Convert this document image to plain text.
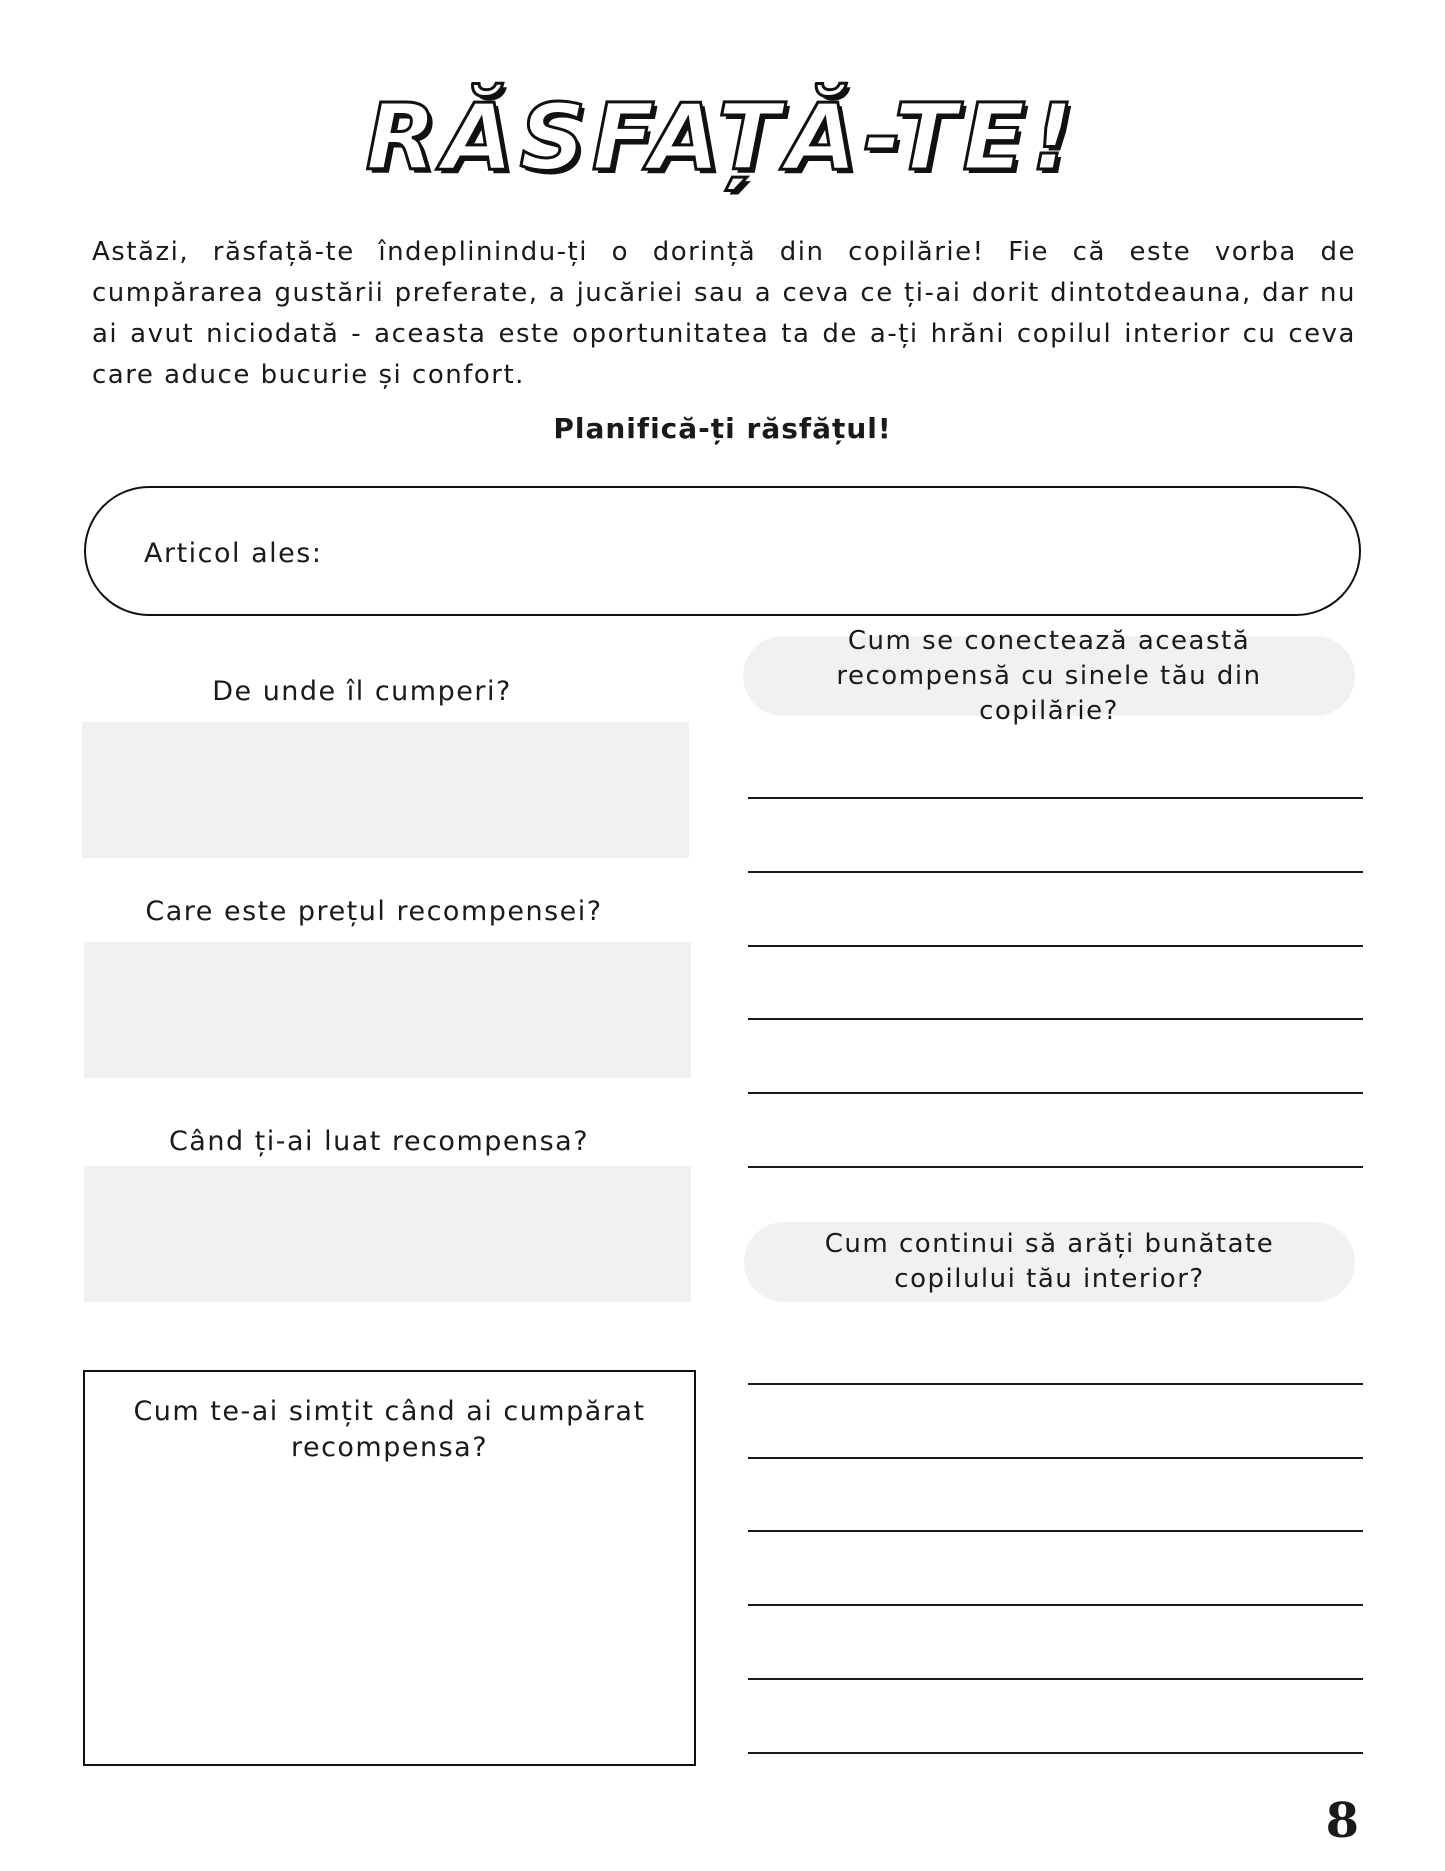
RĂSFAȚĂ-TE!
Astăzi, răsfață-te îndeplinindu-ți o dorință din copilărie! Fie că este vorba de cumpărarea gustării preferate, a jucăriei sau a ceva ce ți-ai dorit dintotdeauna, dar nu ai avut niciodată - aceasta este oportunitatea ta de a-ți hrăni copilul interior cu ceva care aduce bucurie și confort.
Planifică-ți răsfățul!
Articol ales:
De unde îl cumperi?
Care este prețul recompensei?
Când ți-ai luat recompensa?
Cum te-ai simțit când ai cumpărat recompensa?
Cum se conectează această recompensă cu sinele tău din copilărie?
Cum continui să arăți bunătate copilului tău interior?
8
